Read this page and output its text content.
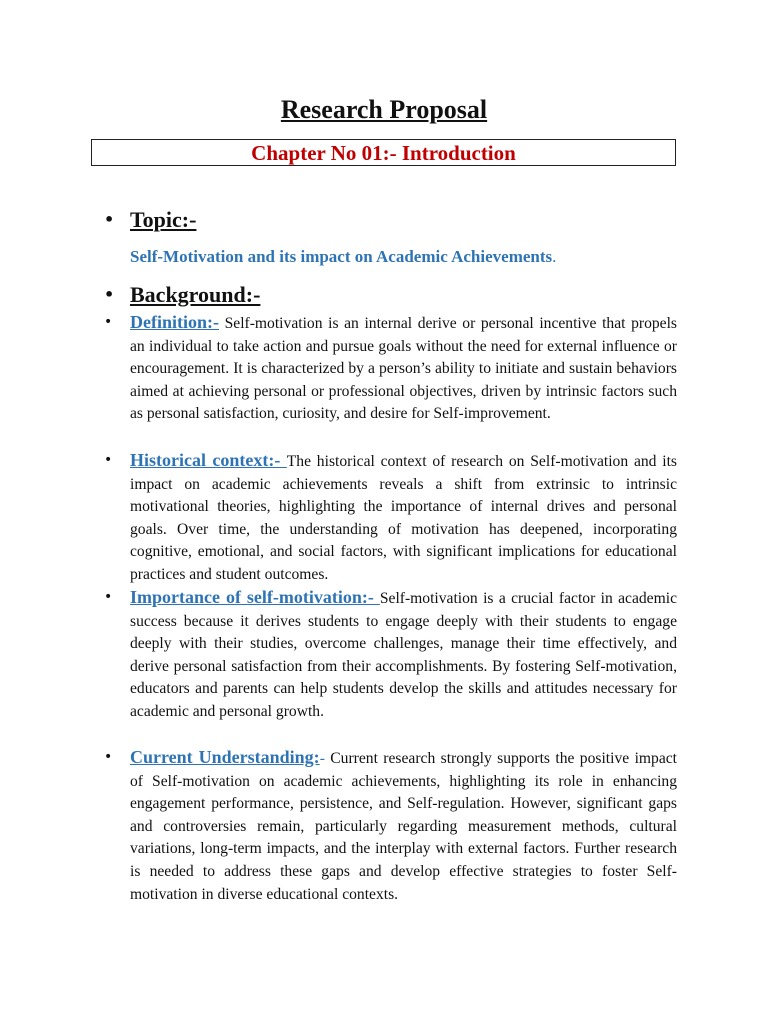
Research Proposal
Chapter No 01:- Introduction
• Topic:-
Self-Motivation and its impact on Academic Achievements.
• Background:-
• Definition:- Self-motivation is an internal derive or personal incentive that propels an individual to take action and pursue goals without the need for external influence or encouragement. It is characterized by a person’s ability to initiate and sustain behaviors aimed at achieving personal or professional objectives, driven by intrinsic factors such as personal satisfaction, curiosity, and desire for Self-improvement.
• Historical context:- The historical context of research on Self-motivation and its impact on academic achievements reveals a shift from extrinsic to intrinsic motivational theories, highlighting the importance of internal drives and personal goals. Over time, the understanding of motivation has deepened, incorporating cognitive, emotional, and social factors, with significant implications for educational practices and student outcomes.
• Importance of self-motivation:- Self-motivation is a crucial factor in academic success because it derives students to engage deeply with their students to engage deeply with their studies, overcome challenges, manage their time effectively, and derive personal satisfaction from their accomplishments. By fostering Self-motivation, educators and parents can help students develop the skills and attitudes necessary for academic and personal growth.
• Current Understanding:- Current research strongly supports the positive impact of Self-motivation on academic achievements, highlighting its role in enhancing engagement performance, persistence, and Self-regulation. However, significant gaps and controversies remain, particularly regarding measurement methods, cultural variations, long-term impacts, and the interplay with external factors. Further research is needed to address these gaps and develop effective strategies to foster Self-motivation in diverse educational contexts.
